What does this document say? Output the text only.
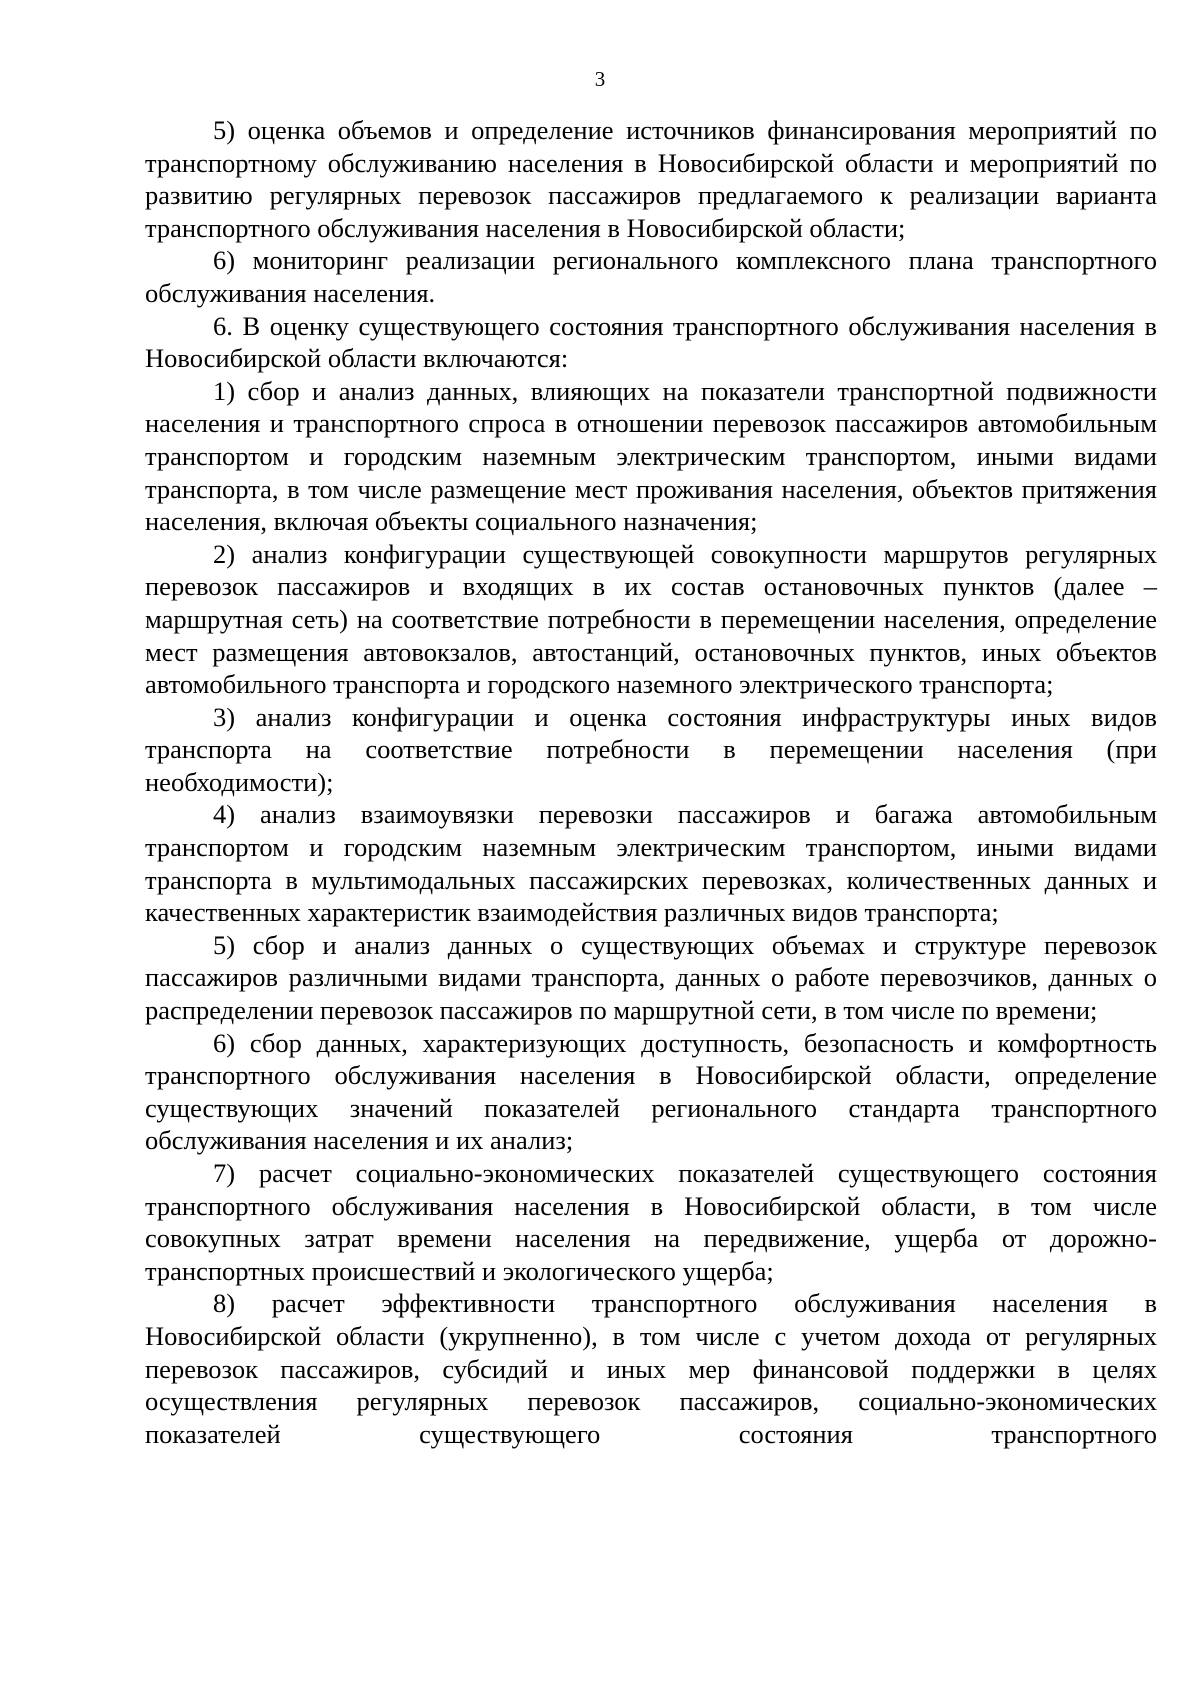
3

5) оценка объемов и определение источников финансирования мероприятий по транспортному обслуживанию населения в Новосибирской области и мероприятий по развитию регулярных перевозок пассажиров предлагаемого к реализации варианта транспортного обслуживания населения в Новосибирской области;

6) мониторинг реализации регионального комплексного плана транспортного обслуживания населения.

6. В оценку существующего состояния транспортного обслуживания населения в Новосибирской области включаются:

1) сбор и анализ данных, влияющих на показатели транспортной подвижности населения и транспортного спроса в отношении перевозок пассажиров автомобильным транспортом и городским наземным электрическим транспортом, иными видами транспорта, в том числе размещение мест проживания населения, объектов притяжения населения, включая объекты социального назначения;

2) анализ конфигурации существующей совокупности маршрутов регулярных перевозок пассажиров и входящих в их состав остановочных пунктов (далее – маршрутная сеть) на соответствие потребности в перемещении населения, определение мест размещения автовокзалов, автостанций, остановочных пунктов, иных объектов автомобильного транспорта и городского наземного электрического транспорта;

3) анализ конфигурации и оценка состояния инфраструктуры иных видов транспорта на соответствие потребности в перемещении населения (при необходимости);

4) анализ взаимоувязки перевозки пассажиров и багажа автомобильным транспортом и городским наземным электрическим транспортом, иными видами транспорта в мультимодальных пассажирских перевозках, количественных данных и качественных характеристик взаимодействия различных видов транспорта;

5) сбор и анализ данных о существующих объемах и структуре перевозок пассажиров различными видами транспорта, данных о работе перевозчиков, данных о распределении перевозок пассажиров по маршрутной сети, в том числе по времени;

6) сбор данных, характеризующих доступность, безопасность и комфортность транспортного обслуживания населения в Новосибирской области, определение существующих значений показателей регионального стандарта транспортного обслуживания населения и их анализ;

7) расчет социально-экономических показателей существующего состояния транспортного обслуживания населения в Новосибирской области, в том числе совокупных затрат времени населения на передвижение, ущерба от дорожно-транспортных происшествий и экологического ущерба;

8) расчет эффективности транспортного обслуживания населения в Новосибирской области (укрупненно), в том числе с учетом дохода от регулярных перевозок пассажиров, субсидий и иных мер финансовой поддержки в целях осуществления регулярных перевозок пассажиров, социально-экономических показателей существующего состояния транспортного
